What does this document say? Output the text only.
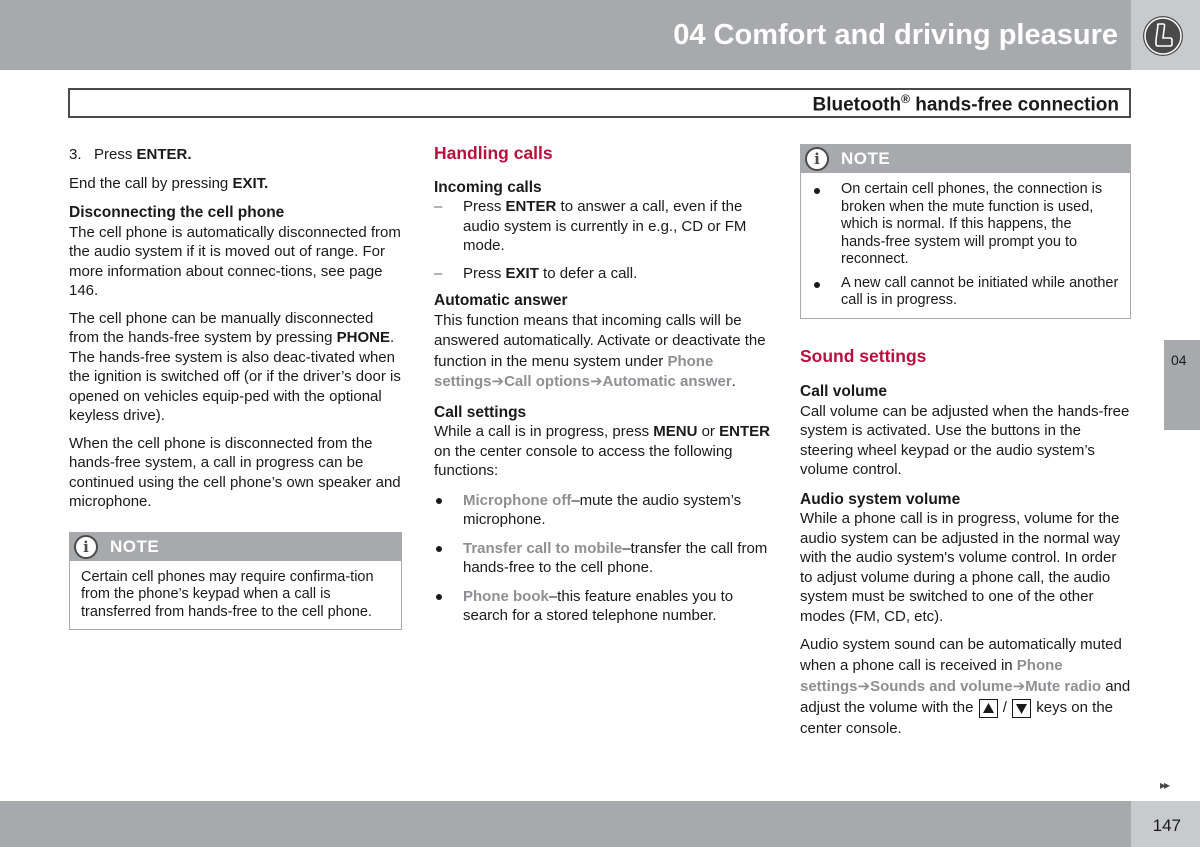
04 Comfort and driving pleasure
Bluetooth® hands-free connection

3. Press ENTER.

End the call by pressing EXIT.

Disconnecting the cell phone

The cell phone is automatically disconnected from the audio system if it is moved out of range. For more information about connec-tions, see page 146.

The cell phone can be manually disconnected from the hands-free system by pressing PHONE. The hands-free system is also deac-tivated when the ignition is switched off (or if the driver’s door is opened on vehicles equip-ped with the optional keyless drive).

When the cell phone is disconnected from the hands-free system, a call in progress can be continued using the cell phone’s own speaker and microphone.

i	NOTE
Certain cell phones may require confirma-tion from the phone’s keypad when a call is transferred from hands-free to the cell phone.
Handling calls
Incoming calls
– Press ENTER to answer a call, even if the audio system is currently in e.g., CD or FM mode.
– Press EXIT to defer a call.
Automatic answer

This function means that incoming calls will be answered automatically. Activate or deactivate the function in the menu system under Phone settings➔Call options➔Automatic answer.

Call settings

While a call is in progress, press MENU or ENTER on the center console to access the following functions:

Microphone off–mute the audio system’s microphone.
Transfer call to mobile–transfer the call from hands-free to the cell phone.
Phone book–this feature enables you to search for a stored telephone number.
i	NOTE
On certain cell phones, the connection is broken when the mute function is used, which is normal. If this happens, the hands-free system will prompt you to reconnect.
A new call cannot be initiated while another call is in progress.
Sound settings
Call volume

Call volume can be adjusted when the hands-free system is activated. Use the buttons in the steering wheel keypad or the audio system’s volume control.

Audio system volume

While a phone call is in progress, volume for the audio system can be adjusted in the normal way with the audio system's volume control. In order to adjust volume during a phone call, the audio system must be switched to one of the other modes (FM, CD, etc).

Audio system sound can be automatically muted when a phone call is received in Phone settings➔Sounds and volume➔Mute radio and adjust the volume with the
/
keys on the center console.

04
▸▸
147
